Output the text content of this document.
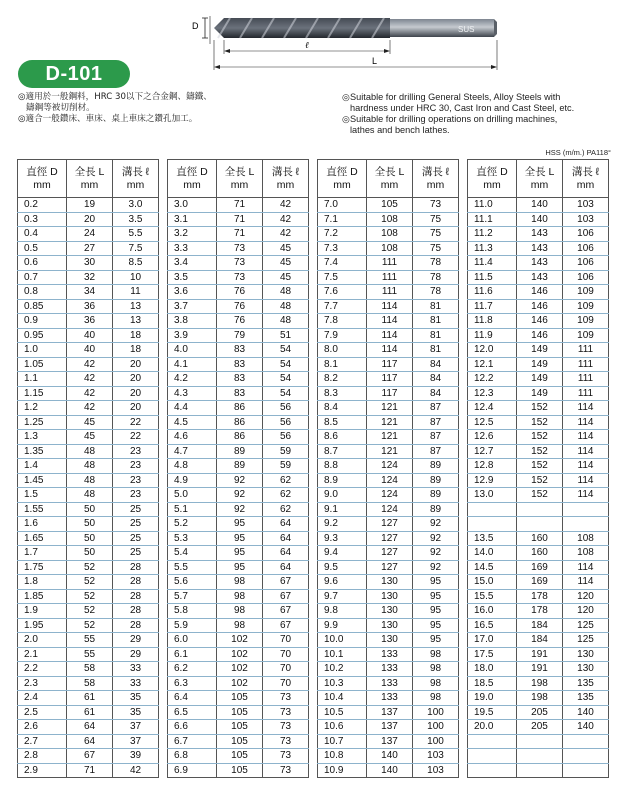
D	SUS
ℓ
L
D-101
◎適用於一般鋼料，HRC 30以下之合金鋼、鑄鐵、
鑄鋼等被切削材。
◎適合一般鑽床、車床、桌上車床之鑽孔加工。
◎Suitable for drilling General Steels, Alloy Steels with
hardness under HRC 30, Cast Iron and Cast Steel, etc.
◎Suitable for drilling operations on drilling machines,
lathes and bench lathes.
HSS (m/m.) PA118°
直徑 D
mm	全長 L
mm	溝長 ℓ
mm
0.2	19	3.0
0.3	20	3.5
0.4	24	5.5
0.5	27	7.5
0.6	30	8.5
0.7	32	10
0.8	34	11
0.85	36	13
0.9	36	13
0.95	40	18
1.0	40	18
1.05	42	20
1.1	42	20
1.15	42	20
1.2	42	20
1.25	45	22
1.3	45	22
1.35	48	23
1.4	48	23
1.45	48	23
1.5	48	23
1.55	50	25
1.6	50	25
1.65	50	25
1.7	50	25
1.75	52	28
1.8	52	28
1.85	52	28
1.9	52	28
1.95	52	28
2.0	55	29
2.1	55	29
2.2	58	33
2.3	58	33
2.4	61	35
2.5	61	35
2.6	64	37
2.7	64	37
2.8	67	39
2.9	71	42
直徑 D
mm	全長 L
mm	溝長 ℓ
mm
3.0	71	42
3.1	71	42
3.2	71	42
3.3	73	45
3.4	73	45
3.5	73	45
3.6	76	48
3.7	76	48
3.8	76	48
3.9	79	51
4.0	83	54
4.1	83	54
4.2	83	54
4.3	83	54
4.4	86	56
4.5	86	56
4.6	86	56
4.7	89	59
4.8	89	59
4.9	92	62
5.0	92	62
5.1	92	62
5.2	95	64
5.3	95	64
5.4	95	64
5.5	95	64
5.6	98	67
5.7	98	67
5.8	98	67
5.9	98	67
6.0	102	70
6.1	102	70
6.2	102	70
6.3	102	70
6.4	105	73
6.5	105	73
6.6	105	73
6.7	105	73
6.8	105	73
6.9	105	73
直徑 D
mm	全長 L
mm	溝長 ℓ
mm
7.0	105	73
7.1	108	75
7.2	108	75
7.3	108	75
7.4	111	78
7.5	111	78
7.6	111	78
7.7	114	81
7.8	114	81
7.9	114	81
8.0	114	81
8.1	117	84
8.2	117	84
8.3	117	84
8.4	121	87
8.5	121	87
8.6	121	87
8.7	121	87
8.8	124	89
8.9	124	89
9.0	124	89
9.1	124	89
9.2	127	92
9.3	127	92
9.4	127	92
9.5	127	92
9.6	130	95
9.7	130	95
9.8	130	95
9.9	130	95
10.0	130	95
10.1	133	98
10.2	133	98
10.3	133	98
10.4	133	98
10.5	137	100
10.6	137	100
10.7	137	100
10.8	140	103
10.9	140	103
直徑 D
mm	全長 L
mm	溝長 ℓ
mm
11.0	140	103
11.1	140	103
11.2	143	106
11.3	143	106
11.4	143	106
11.5	143	106
11.6	146	109
11.7	146	109
11.8	146	109
11.9	146	109
12.0	149	111
12.1	149	111
12.2	149	111
12.3	149	111
12.4	152	114
12.5	152	114
12.6	152	114
12.7	152	114
12.8	152	114
12.9	152	114
13.0	152	114

13.5	160	108
14.0	160	108
14.5	169	114
15.0	169	114
15.5	178	120
16.0	178	120
16.5	184	125
17.0	184	125
17.5	191	130
18.0	191	130
18.5	198	135
19.0	198	135
19.5	205	140
20.0	205	140
